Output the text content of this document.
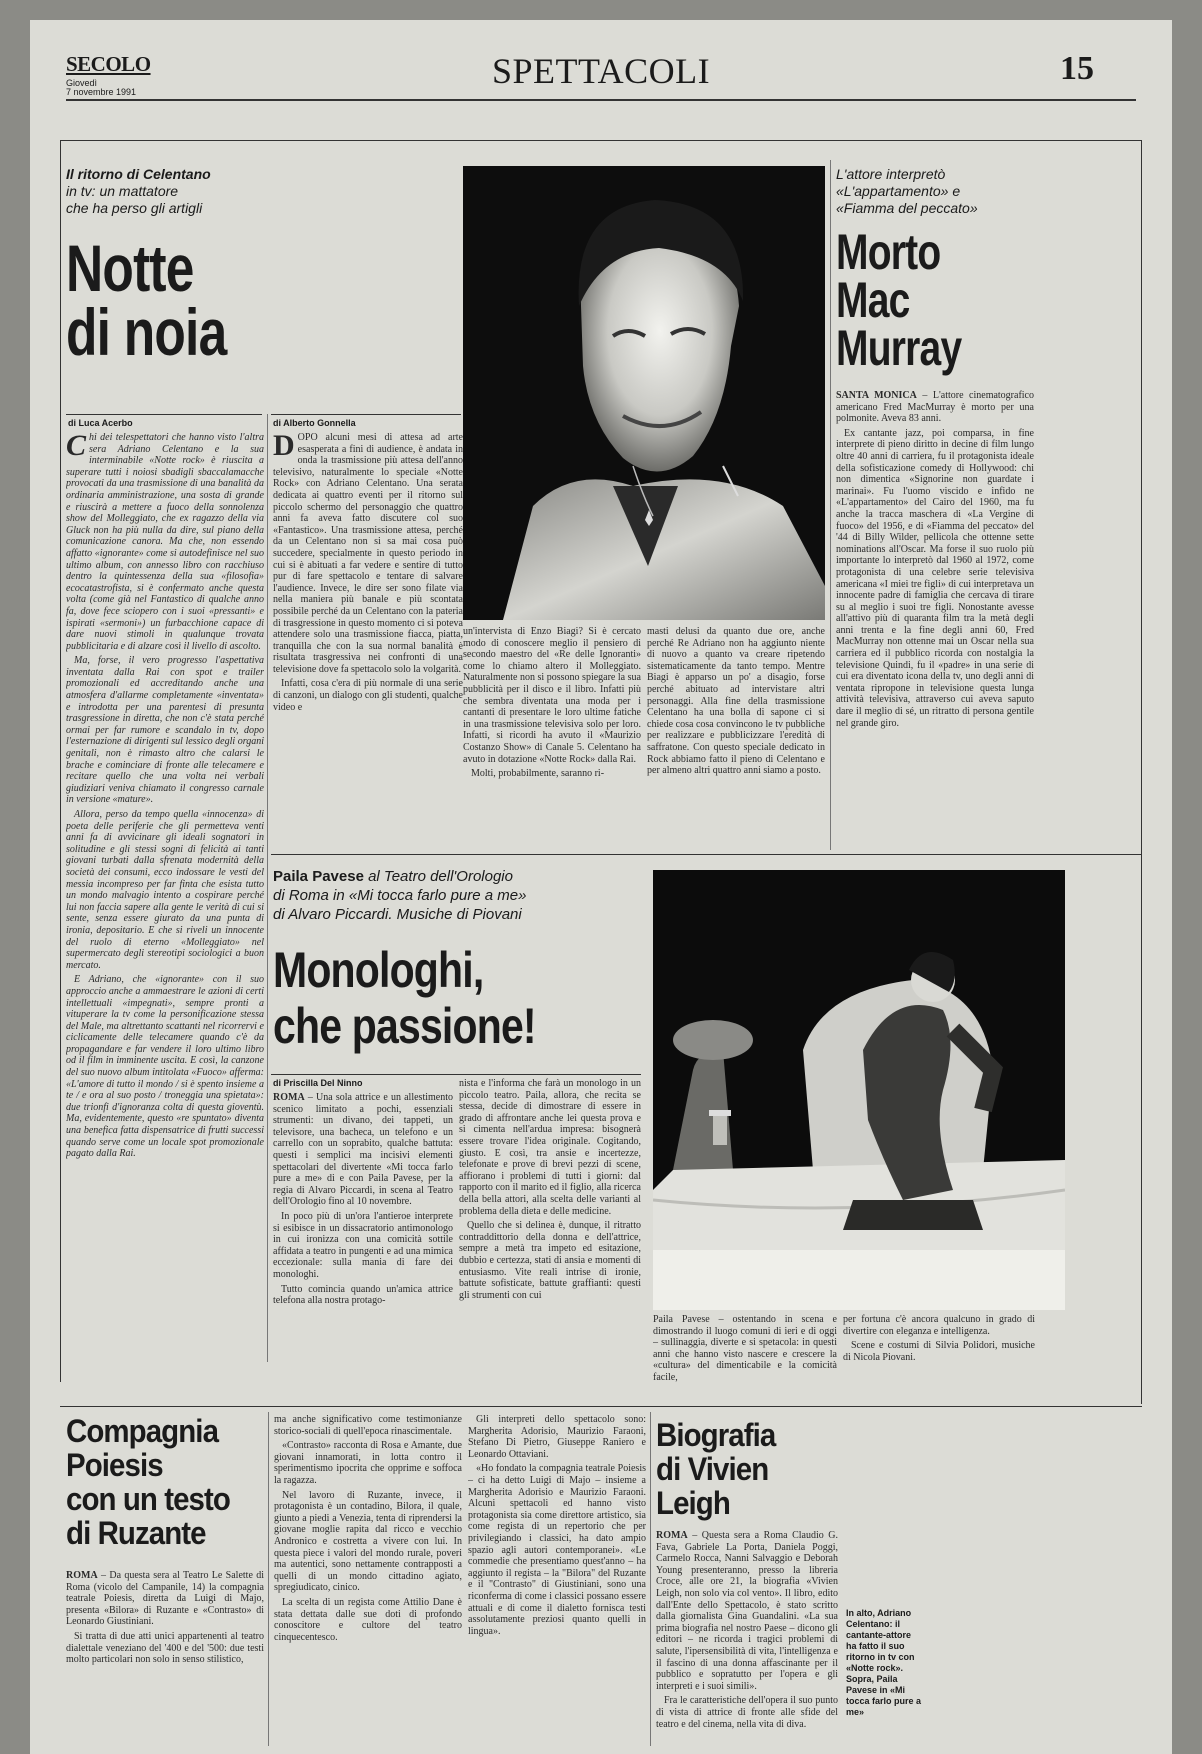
SECOLO
Giovedì
7 novembre 1991
SPETTACOLI	15
Il ritorno di Celentano
in tv: un mattatore
che ha perso gli artigli
Notte
di noia
di Luca Acerbo	di Alberto Gonnella
C hi dei telespettatori che hanno visto l'altra sera Adriano Celentano e la sua interminabile «Notte rock» è riuscita a superare tutti i noiosi sbadigli sbaccalamacche provocati da una trasmissione di una banalità da ordinaria amministrazione, una sosta di grande e riuscirà a mettere a fuoco della sonnolenza show del Molleggiato, che ex ragazzo della via Gluck non ha più nulla da dire, sul piano della comunicazione canora. Ma che, non essendo affatto «ignorante» come si autodefinisce nel suo ultimo album, con annesso libro con racchiuso dentro la quintessenza della sua «filosofia» ecocatastrofista, si è confermato anche questa volta (come già nel Fantastico di qualche anno fa, dove fece sciopero con i suoi «pressanti» e ispirati «sermoni») un furbacchione capace di dare nuovi stimoli in qualunque trovata pubblicitaria e di alzare così il livello di ascolto.

Ma, forse, il vero progresso l'aspettativa inventata dalla Rai con spot e trailer promozionali ed accreditando anche una atmosfera d'allarme completamente «inventata» e introdotta per una parentesi di presunta trasgressione in diretta, che non c'è stata perché ormai per far rumore e scandalo in tv, dopo l'esternazione di dirigenti sul lessico degli organi genitali, non è rimasto altro che calarsi le brache e cominciare di fronte alle telecamere e recitare quello che una volta nei verbali giudiziari veniva chiamato il congresso carnale in versione «mature».

Allora, perso da tempo quella «innocenza» di poeta delle periferie che gli permetteva venti anni fa di avvicinare gli ideali sognatori in solitudine e gli stessi sogni di felicità ai tanti giovani turbati dalla sfrenata modernità della società dei consumi, ecco indossare le vesti del messia incompreso per far finta che esista tutto un mondo malvagio intento a cospirare perché lui non faccia sapere alla gente le verità di cui si sente, senza essere giurato da una punta di ironia, depositario. E che si riveli un innocente del ruolo di eterno «Molleggiato» nel supermercato degli stereotipi sociologici a buon mercato.

E Adriano, che «ignorante» con il suo approccio anche a ammaestrare le azioni di certi intellettuali «impegnati», sempre pronti a vituperare la tv come la personificazione stessa del Male, ma altrettanto scattanti nel ricorrervi e ciclicamente delle telecamere quando c'è da propagandare e far vendere il loro ultimo libro od il film in imminente uscita. E così, la canzone del suo nuovo album intitolata «Fuoco» afferma: «L'amore di tutto il mondo / si è spento insieme a te / e ora al suo posto / troneggia una spietata»: due trionfi d'ignoranza colta di questa gioventù. Ma, evidentemente, questo «re spuntato» diventa una benefica fatta dispensatrice di frutti successi quando serve come un locale spot promozionale pagato dalla Rai.

D OPO alcuni mesi di attesa ad arte esasperata a fini di audience, è andata in onda la trasmissione più attesa dell'anno televisivo, naturalmente lo speciale «Notte Rock» con Adriano Celentano. Una serata dedicata ai quattro eventi per il ritorno sul piccolo schermo del personaggio che quattro anni fa aveva fatto discutere col suo «Fantastico». Una trasmissione attesa, perché da un Celentano non si sa mai cosa può succedere, specialmente in questo periodo in cui si è abituati a far vedere e sentire di tutto pur di fare spettacolo e tentare di salvare l'audience. Invece, le dire ser sono filate via nella maniera più banale e più scontata possibile perché da un Celentano con la pateria di trasgressione in questo momento ci si poteva attendere solo una trasmissione fiacca, piatta, tranquilla che con la sua normal banalità è risultata trasgressiva nei confronti di una televisione dove fa spettacolo solo la volgarità.

Infatti, cosa c'era di più normale di una serie di canzoni, un dialogo con gli studenti, qualche video e

un'intervista di Enzo Biagi? Si è cercato modo di conoscere meglio il pensiero di secondo maestro del «Re delle Ignoranti» come lo chiamo altero il Molleggiato. Naturalmente non si possono spiegare la sua pubblicità per il disco e il libro. Infatti più che sembra diventata una moda per i cantanti di presentare le loro ultime fatiche in una trasmissione televisiva solo per loro. Infatti, si ricordi ha avuto il «Maurizio Costanzo Show» di Canale 5. Celentano ha avuto in dotazione «Notte Rock» dalla Rai.

Molti, probabilmente, saranno ri-

masti delusi da quanto due ore, anche perché Re Adriano non ha aggiunto niente di nuovo a quanto va creare ripetendo sistematicamente da tanto tempo. Mentre Biagi è apparso un po' a disagio, forse perché abituato ad intervistare altri personaggi. Alla fine della trasmissione Celentano ha una bolla di sapone ci si chiede cosa cosa convincono le tv pubbliche per realizzare e pubblicizzare l'eredità di saffratone. Con questo speciale dedicato in Rock abbiamo fatto il pieno di Celentano e per almeno altri quattro anni siamo a posto.

L'attore interpretò
«L'appartamento» e
«Fiamma del peccato»
Morto
Mac
Murray

SANTA MONICA – L'attore cinematografico americano Fred MacMurray è morto per una polmonite. Aveva 83 anni.

Ex cantante jazz, poi comparsa, in fine interprete di pieno diritto in decine di film lungo oltre 40 anni di carriera, fu il protagonista ideale della sofisticazione comedy di Hollywood: chi non dimentica «Signorine non guardate i marinai». Fu l'uomo viscido e infido ne «L'appartamento» del Cairo del 1960, ma fu anche la tracca maschera di «La Vergine di fuoco» del 1956, e di «Fiamma del peccato» del '44 di Billy Wilder, pellicola che ottenne sette nominations all'Oscar. Ma forse il suo ruolo più importante lo interpretò dal 1960 al 1972, come protagonista di una celebre serie televisiva americana «I miei tre figli» di cui interpretava un innocente padre di famiglia che cercava di tirare su al meglio i suoi tre figli. Nonostante avesse all'attivo più di quaranta film tra la metà degli anni trenta e la fine degli anni 60, Fred MacMurray non ottenne mai un Oscar nella sua carriera ed il pubblico ricorda con nostalgia la televisione Quindi, fu il «padre» in una serie di cui era diventato icona della tv, uno degli anni di ventata ripropone in televisione questa lunga attività televisiva, attraverso cui aveva saputo dare il meglio di sé, un ritratto di persona gentile nel grande giro.

Paila Pavese al Teatro dell'Orologio
di Roma in «Mi tocca farlo pure a me»
di Alvaro Piccardi. Musiche di Piovani
Monologhi,
che passione!
di Priscilla Del Ninno

ROMA – Una sola attrice e un allestimento scenico limitato a pochi, essenziali strumenti: un divano, dei tappeti, un televisore, una bacheca, un telefono e un carrello con un soprabito, qualche battuta: questi i semplici ma incisivi elementi spettacolari del divertente «Mi tocca farlo pure a me» di e con Paila Pavese, per la regia di Alvaro Piccardi, in scena al Teatro dell'Orologio fino al 10 novembre.

In poco più di un'ora l'antieroe interprete si esibisce in un dissacratorio antimonologo in cui ironizza con una comicità sottile affidata a teatro in pungenti e ad una mimica eccezionale: sulla mania di fare dei monologhi.

Tutto comincia quando un'amica attrice telefona alla nostra protago-

nista e l'informa che farà un monologo in un piccolo teatro. Paila, allora, che recita se stessa, decide di dimostrare di essere in grado di affrontare anche lei questa prova e si cimenta nell'ardua impresa: bisognerà essere trovare l'idea originale. Cogitando, giusto. E così, tra ansie e incertezze, telefonate e prove di brevi pezzi di scene, affiorano i problemi di tutti i giorni: dal rapporto con il marito ed il figlio, alla ricerca della bella attori, alla scelta delle varianti al problema della dieta e delle medicine.

Quello che si delinea è, dunque, il ritratto contraddittorio della donna e dell'attrice, sempre a metà tra impeto ed esitazione, dubbio e certezza, stati di ansia e momenti di entusiasmo. Vite reali intrise di ironie, battute sofisticate, battute graffianti: questi gli strumenti con cui

Paila Pavese – ostentando in scena e dimostrando il luogo comuni di ieri e di oggi – sullinaggia, diverte e si spetacola: in questi anni che hanno visto nascere e crescere la «cultura» del dimenticabile e la comicità facile,

per fortuna c'è ancora qualcuno in grado di divertire con eleganza e intelligenza.

Scene e costumi di Silvia Polidori, musiche di Nicola Piovani.

Compagnia
Poiesis
con un testo
di Ruzante

ROMA – Da questa sera al Teatro Le Salette di Roma (vicolo del Campanile, 14) la compagnia teatrale Poiesis, diretta da Luigi di Majo, presenta «Bilora» di Ruzante e «Contrasto» di Leonardo Giustiniani.

Si tratta di due atti unici appartenenti al teatro dialettale veneziano del '400 e del '500: due testi molto particolari non solo in senso stilistico,

ma anche significativo come testimonianze storico-sociali di quell'epoca rinascimentale.

«Contrasto» racconta di Rosa e Amante, due giovani innamorati, in lotta contro il sperimentismo ipocrita che opprime e soffoca la ragazza.

Nel lavoro di Ruzante, invece, il protagonista è un contadino, Bilora, il quale, giunto a piedi a Venezia, tenta di riprendersi la giovane moglie rapita dal ricco e vecchio Andronico e costretta a vivere con lui. In questa piece i valori del mondo rurale, poveri ma autentici, sono nettamente contrapposti a quelli di un mondo cittadino agiato, spregiudicato, cinico.

La scelta di un regista come Attilio Dane è stata dettata dalle sue doti di profondo conoscitore e cultore del teatro cinquecentesco.

Gli interpreti dello spettacolo sono: Margherita Adorisio, Maurizio Faraoni, Stefano Di Pietro, Giuseppe Raniero e Leonardo Ottaviani.

«Ho fondato la compagnia teatrale Poiesis – ci ha detto Luigi di Majo – insieme a Margherita Adorisio e Maurizio Faraoni. Alcuni spettacoli ed hanno visto protagonista sia come direttore artistico, sia come regista di un repertorio che per privilegiando i classici, ha dato ampio spazio agli autori contemporanei». «Le commedie che presentiamo quest'anno – ha aggiunto il regista – la "Bilora" del Ruzante e il "Contrasto" di Giustiniani, sono una riconferma di come i classici possano essere attuali e di come il dialetto fornisca testi assolutamente preziosi quanto quelli in lingua».

Biografia
di Vivien
Leigh

ROMA – Questa sera a Roma Claudio G. Fava, Gabriele La Porta, Daniela Poggi, Carmelo Rocca, Nanni Salvaggio e Deborah Young presenteranno, presso la libreria Croce, alle ore 21, la biografia «Vivien Leigh, non solo via col vento». Il libro, edito dall'Ente dello Spettacolo, è stato scritto dalla giornalista Gina Guandalini. «La sua prima biografia nel nostro Paese – dicono gli editori – ne ricorda i tragici problemi di salute, l'ipersensibilità di vita, l'intelligenza e il fascino di una donna affascinante per il pubblico e sopratutto per l'opera e gli interpreti e i suoi simili».

Fra le caratteristiche dell'opera il suo punto di vista di attrice di fronte alle sfide del teatro e del cinema, nella vita di diva.

In alto, Adriano Celentano: il cantante-attore ha fatto il suo ritorno in tv con «Notte rock». Sopra, Paila Pavese in «Mi tocca farlo pure a me»
